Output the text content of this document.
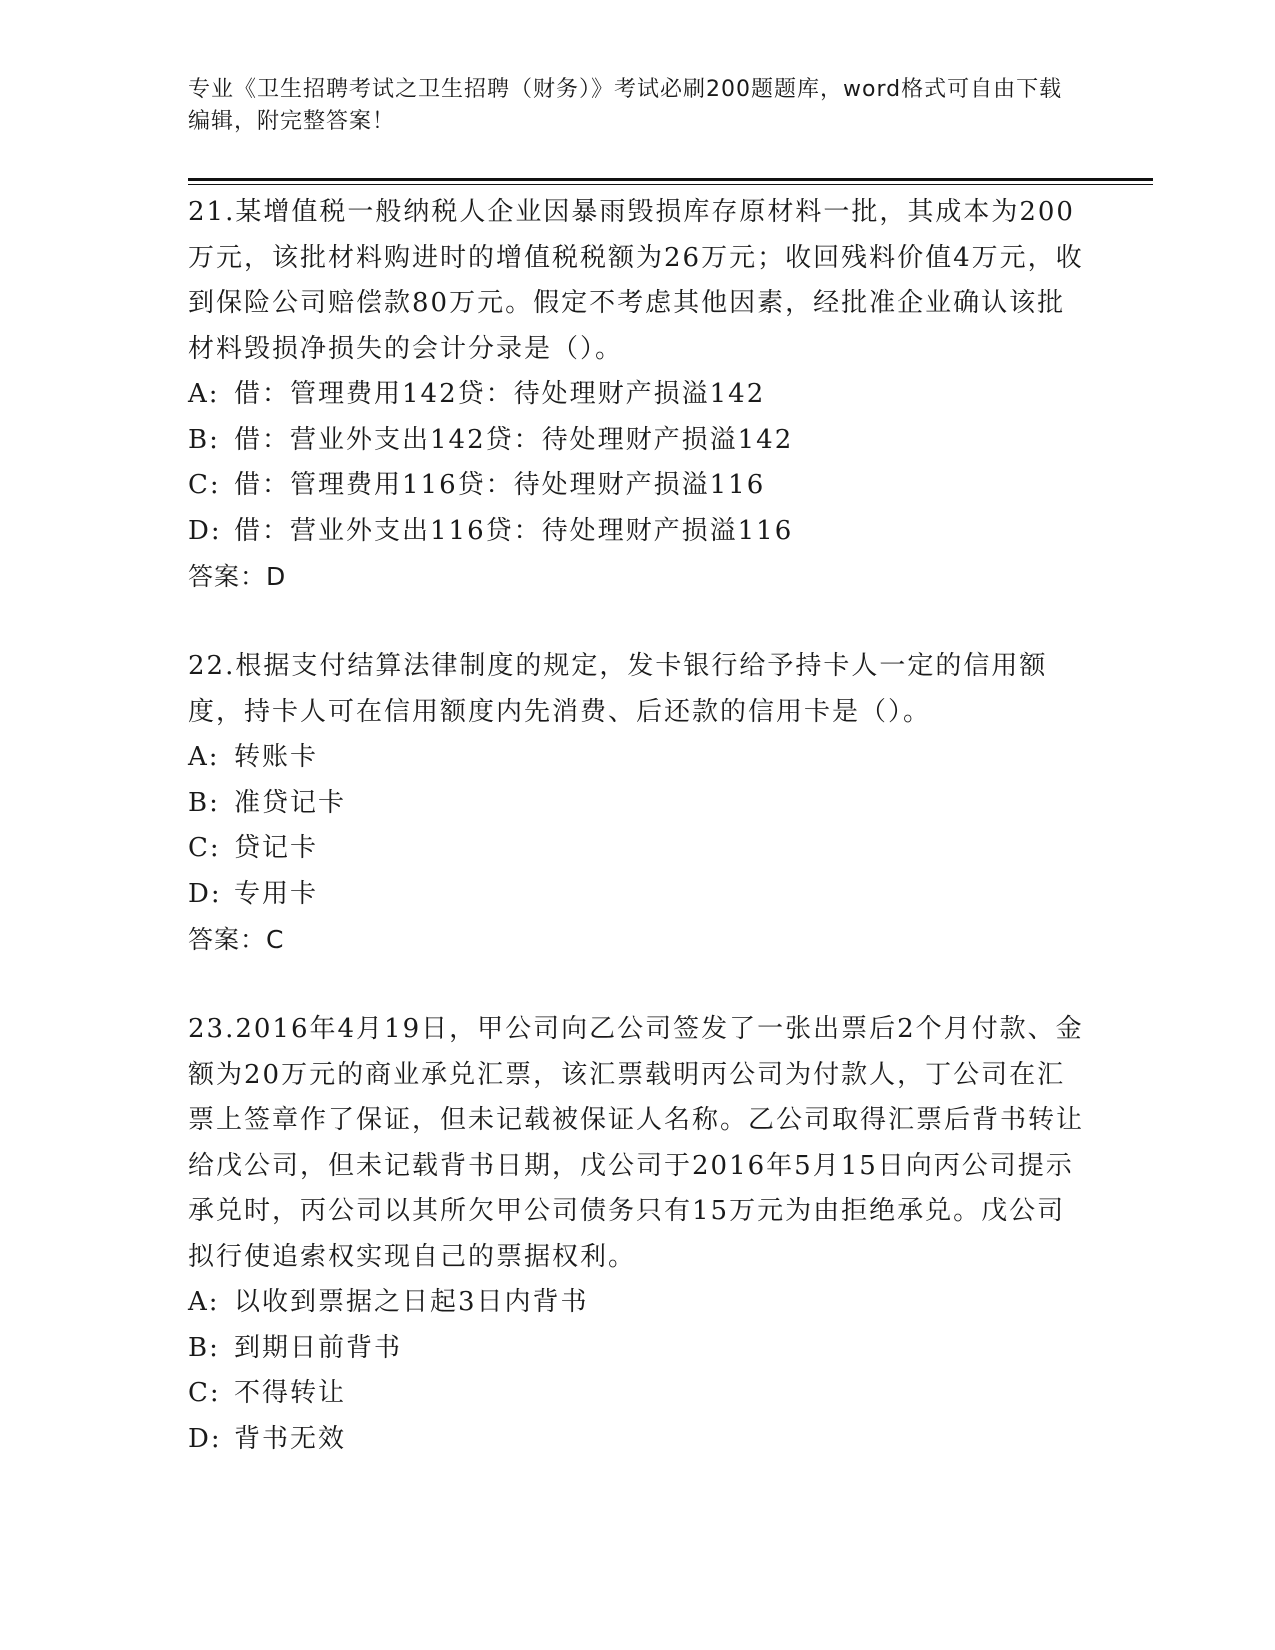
专业《卫生招聘考试之卫生招聘（财务）》考试必刷200题题库，word格式可自由下载编辑，附完整答案！

21.某增值税一般纳税人企业因暴雨毁损库存原材料一批，其成本为200万元，该批材料购进时的增值税税额为26万元；收回残料价值4万元，收到保险公司赔偿款80万元。假定不考虑其他因素，经批准企业确认该批材料毁损净损失的会计分录是（）。

A: 借：管理费用142贷：待处理财产损溢142

B: 借：营业外支出142贷：待处理财产损溢142

C: 借：管理费用116贷：待处理财产损溢116

D: 借：营业外支出116贷：待处理财产损溢116

答案：D

22.根据支付结算法律制度的规定，发卡银行给予持卡人一定的信用额度，持卡人可在信用额度内先消费、后还款的信用卡是（）。

A: 转账卡

B: 准贷记卡

C: 贷记卡

D: 专用卡

答案：C

23.2016年4月19日，甲公司向乙公司签发了一张出票后2个月付款、金额为20万元的商业承兑汇票，该汇票载明丙公司为付款人，丁公司在汇票上签章作了保证，但未记载被保证人名称。乙公司取得汇票后背书转让给戊公司，但未记载背书日期，戊公司于2016年5月15日向丙公司提示承兑时，丙公司以其所欠甲公司债务只有15万元为由拒绝承兑。戊公司拟行使追索权实现自己的票据权利。

A: 以收到票据之日起3日内背书

B: 到期日前背书

C: 不得转让

D: 背书无效
